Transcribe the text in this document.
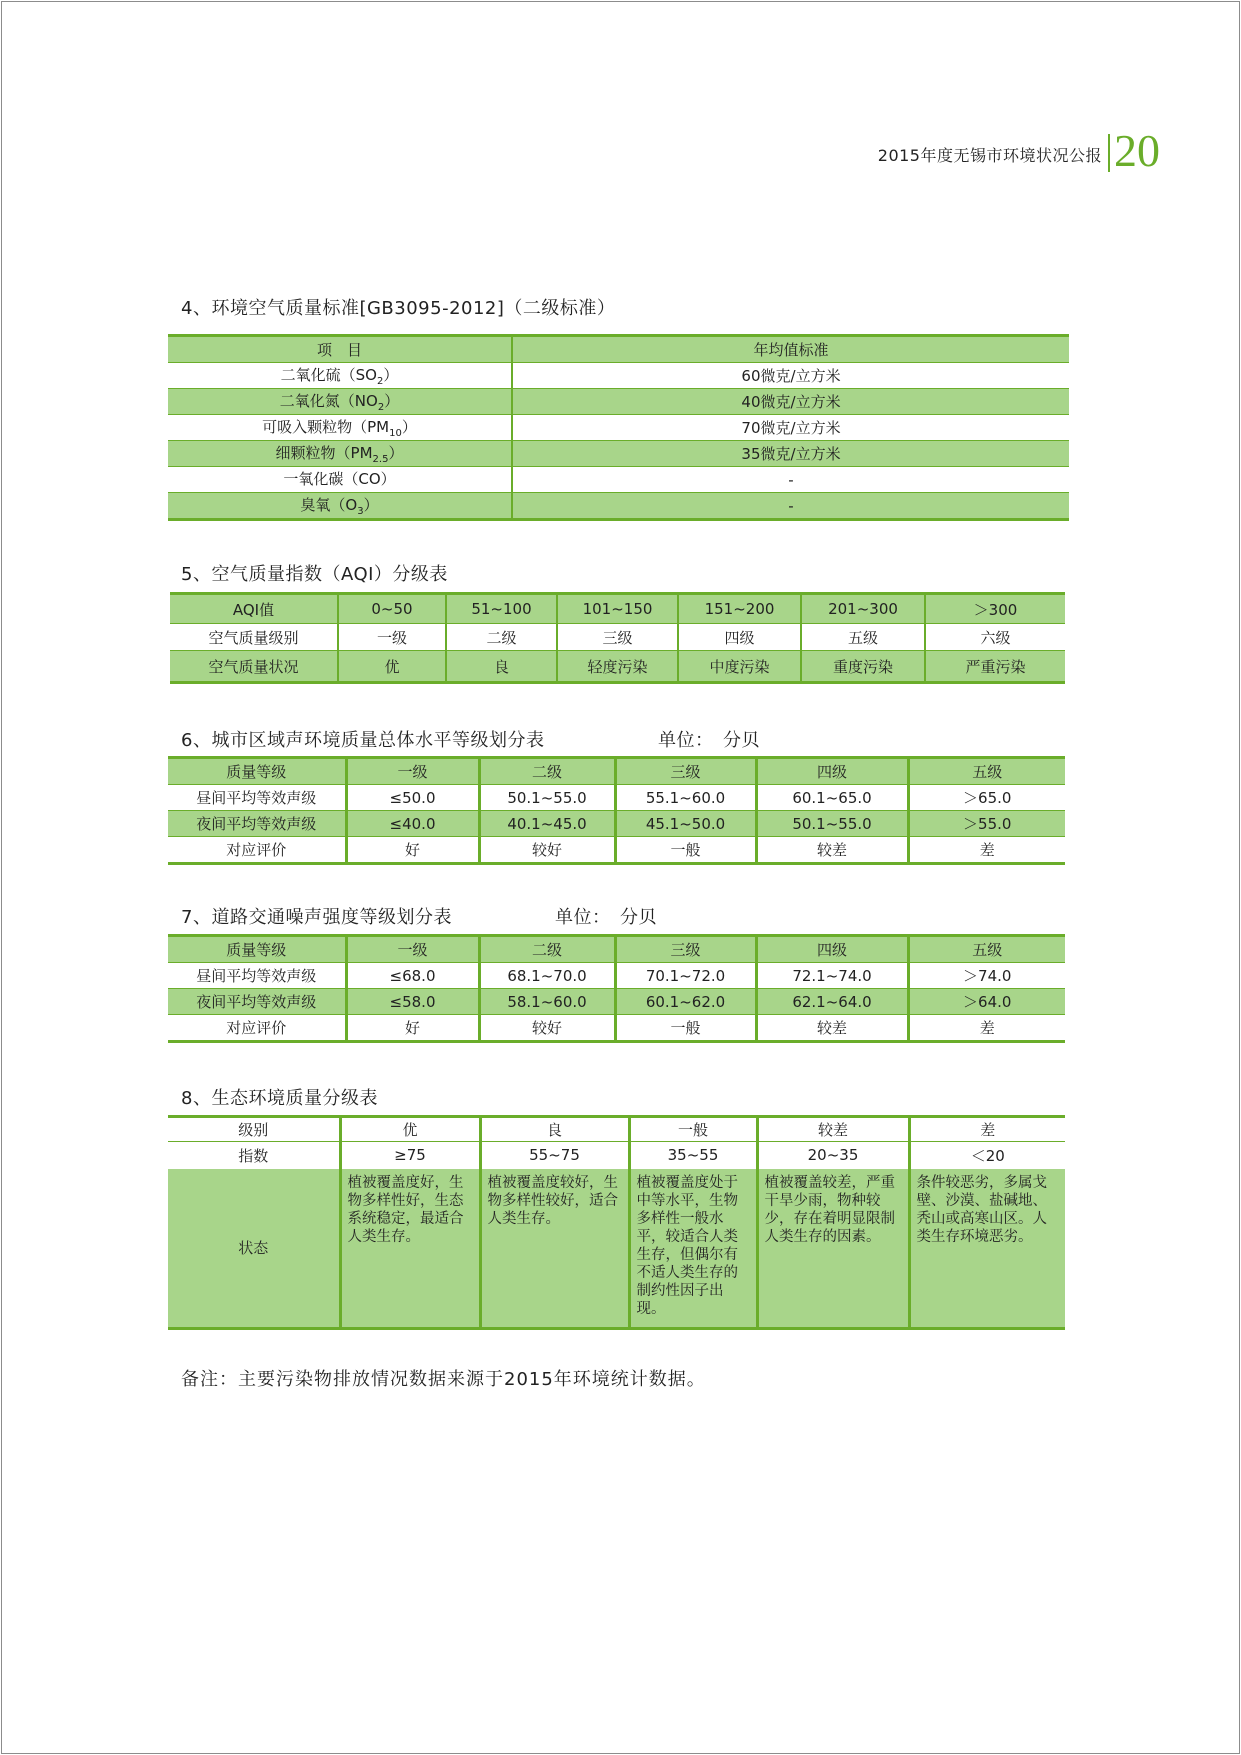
2015年度无锡市环境状况公报 20
4、环境空气质量标准[GB3095-2012]（二级标准）
项　目	年均值标准
二氧化硫$(SO_2)$	60微克/立方米
二氧化氮$(NO_2)$	40微克/立方米
可吸入颗粒物$(PM_{10})$	70微克/立方米
细颗粒物$(PM_{2.5})$	35微克/立方米
一氧化碳（CO）	-
臭氧$(O_3)$	-
5、空气质量指数（AQI）分级表
AQI值	0~50	51~100	101~150	151~200	201~300	＞300
空气质量级别	一级	二级	三级	四级	五级	六级
空气质量状况	优	良	轻度污染	中度污染	重度污染	严重污染
6、城市区域声环境质量总体水平等级划分表	单位：　分贝
质量等级	一级	二级	三级	四级	五级
昼间平均等效声级	≤50.0	50.1~55.0	55.1~60.0	60.1~65.0	＞65.0
夜间平均等效声级	≤40.0	40.1~45.0	45.1~50.0	50.1~55.0	＞55.0
对应评价	好	较好	一般	较差	差
7、道路交通噪声强度等级划分表	单位：　分贝
质量等级	一级	二级	三级	四级	五级
昼间平均等效声级	≤68.0	68.1~70.0	70.1~72.0	72.1~74.0	＞74.0
夜间平均等效声级	≤58.0	58.1~60.0	60.1~62.0	62.1~64.0	＞64.0
对应评价	好	较好	一般	较差	差
8、生态环境质量分级表
级别	优	良	一般	较差	差
指数	≥75	55~75	35~55	20~35	＜20
状态	植被覆盖度好，生物多样性好，生态系统稳定，最适合人类生存。	植被覆盖度较好，生物多样性较好，适合人类生存。	植被覆盖度处于中等水平，生物多样性一般水平，较适合人类生存，但偶尔有不适人类生存的制约性因子出现。	植被覆盖较差，严重干旱少雨，物种较少，存在着明显限制人类生存的因素。	条件较恶劣，多属戈壁、沙漠、盐碱地、秃山或高寒山区。人类生存环境恶劣。
备注：主要污染物排放情况数据来源于2015年环境统计数据。
